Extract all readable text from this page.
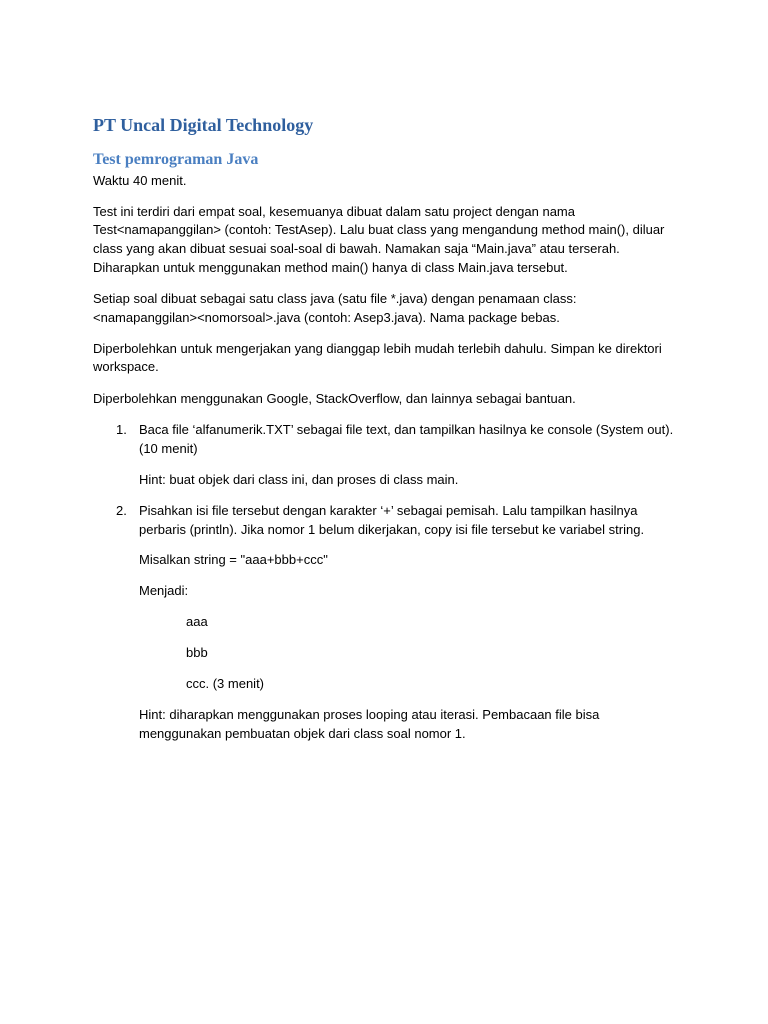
PT Uncal Digital Technology
Test pemrograman Java
Waktu 40 menit.
Test ini terdiri dari empat soal, kesemuanya dibuat dalam satu project dengan nama
Test<namapanggilan> (contoh: TestAsep). Lalu buat class yang mengandung method main(), diluar
class yang akan dibuat sesuai soal-soal di bawah. Namakan saja “Main.java” atau terserah.
Diharapkan untuk menggunakan method main() hanya di class Main.java tersebut.
Setiap soal dibuat sebagai satu class java (satu file *.java) dengan penamaan class:
<namapanggilan><nomorsoal>.java (contoh: Asep3.java). Nama package bebas.
Diperbolehkan untuk mengerjakan yang dianggap lebih mudah terlebih dahulu. Simpan ke direktori
workspace.
Diperbolehkan menggunakan Google, StackOverflow, dan lainnya sebagai bantuan.
1. Baca file ‘alfanumerik.TXT’ sebagai file text, dan tampilkan hasilnya ke console (System out).
(10 menit)
Hint: buat objek dari class ini, dan proses di class main.
2. Pisahkan isi file tersebut dengan karakter ‘+’ sebagai pemisah. Lalu tampilkan hasilnya
perbaris (println). Jika nomor 1 belum dikerjakan, copy isi file tersebut ke variabel string.
Misalkan string = "aaa+bbb+ccc"
Menjadi:
aaa
bbb
ccc. (3 menit)
Hint: diharapkan menggunakan proses looping atau iterasi. Pembacaan file bisa
menggunakan pembuatan objek dari class soal nomor 1.
